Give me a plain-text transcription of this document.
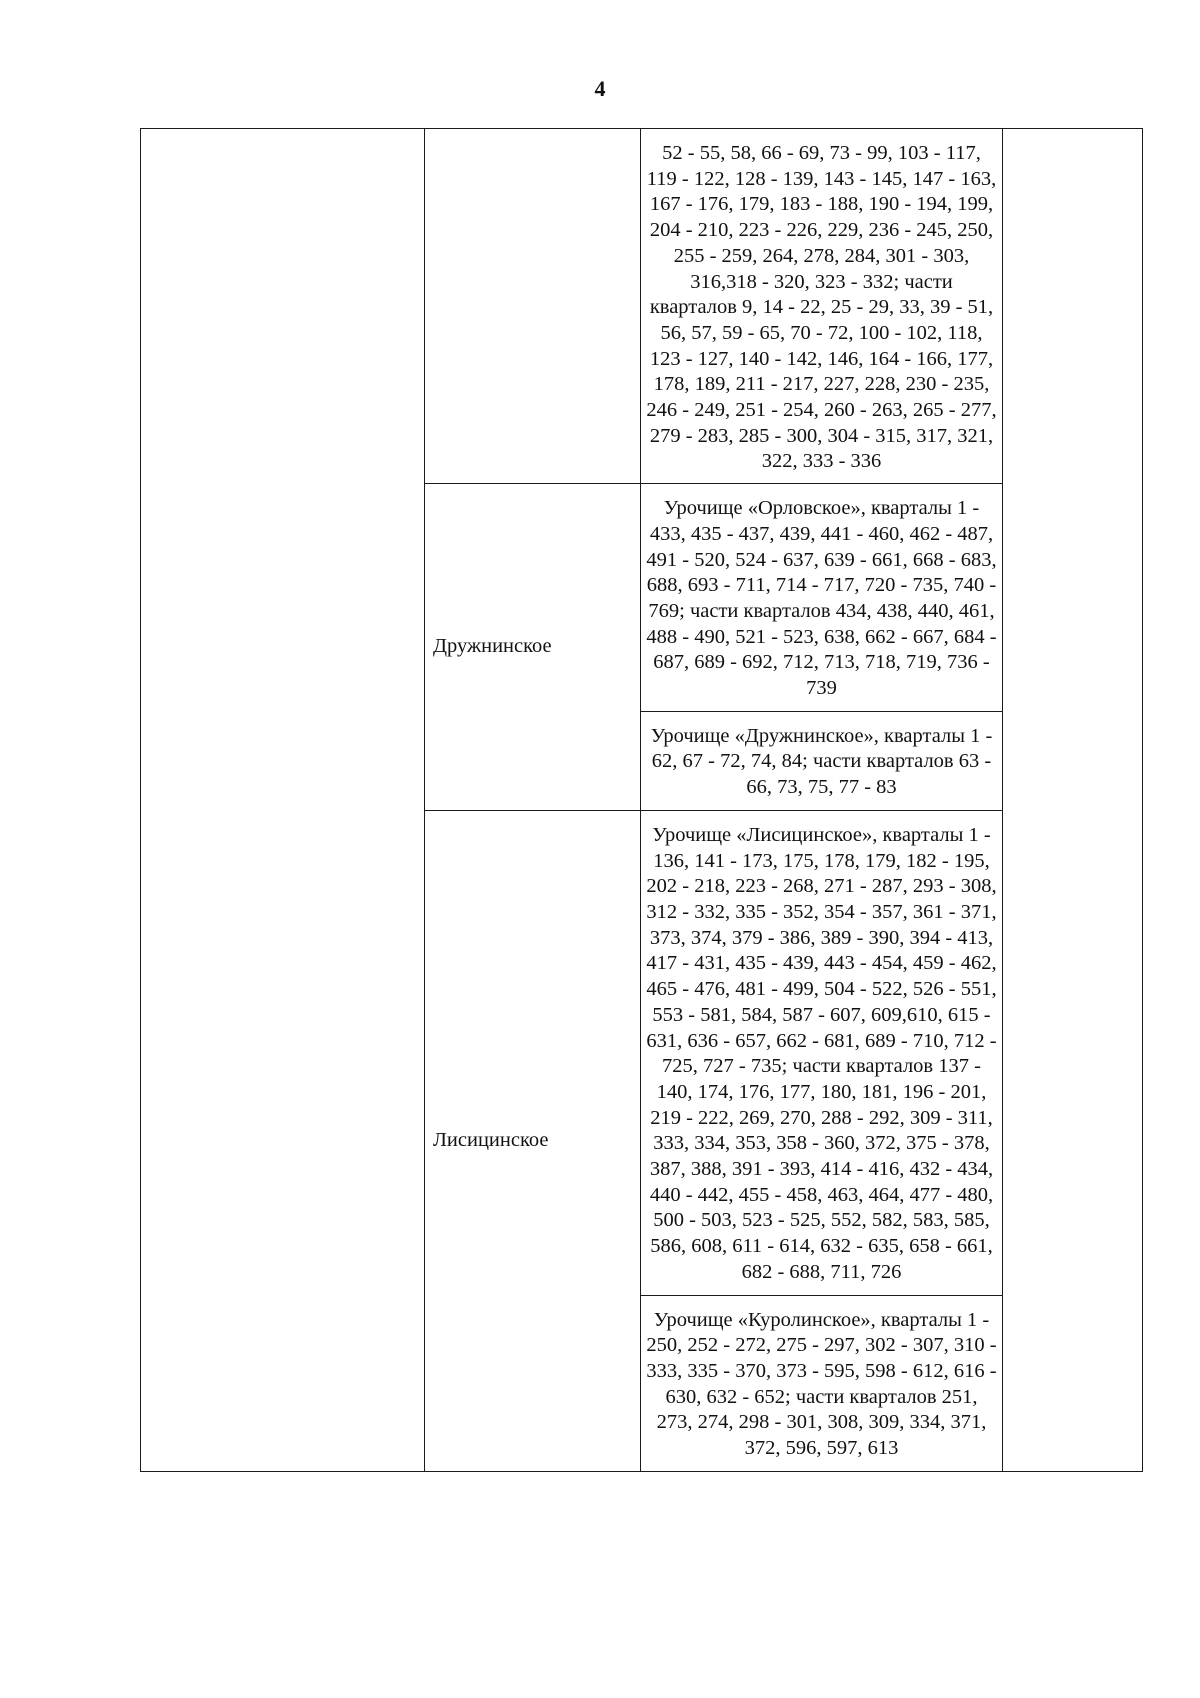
4
		52 - 55, 58, 66 - 69, 73 - 99, 103 - 117, 119 - 122, 128 - 139, 143 - 145, 147 - 163, 167 - 176, 179, 183 - 188, 190 - 194, 199, 204 - 210, 223 - 226, 229, 236 - 245, 250, 255 - 259, 264, 278, 284, 301 - 303, 316,318 - 320, 323 - 332; части кварталов 9, 14 - 22, 25 - 29, 33, 39 - 51, 56, 57, 59 - 65, 70 - 72, 100 - 102, 118, 123 - 127, 140 - 142, 146, 164 - 166, 177, 178, 189, 211 - 217, 227, 228, 230 - 235, 246 - 249, 251 - 254, 260 - 263, 265 - 277, 279 - 283, 285 - 300, 304 - 315, 317, 321, 322, 333 - 336	
	Дружнинское	Урочище «Орловское», кварталы 1 - 433, 435 - 437, 439, 441 - 460, 462 - 487, 491 - 520, 524 - 637, 639 - 661, 668 - 683, 688, 693 - 711, 714 - 717, 720 - 735, 740 - 769; части кварталов 434, 438, 440, 461, 488 - 490, 521 - 523, 638, 662 - 667, 684 - 687, 689 - 692, 712, 713, 718, 719, 736 - 739	
		Урочище «Дружнинское», кварталы 1 - 62, 67 - 72, 74, 84; части кварталов 63 - 66, 73, 75, 77 - 83	
	Лисицинское	Урочище «Лисицинское», кварталы 1 - 136, 141 - 173, 175, 178, 179, 182 - 195, 202 - 218, 223 - 268, 271 - 287, 293 - 308, 312 - 332, 335 - 352, 354 - 357, 361 - 371, 373, 374, 379 - 386, 389 - 390, 394 - 413, 417 - 431, 435 - 439, 443 - 454, 459 - 462, 465 - 476, 481 - 499, 504 - 522, 526 - 551, 553 - 581, 584, 587 - 607, 609,610, 615 - 631, 636 - 657, 662 - 681, 689 - 710, 712 - 725, 727 - 735; части кварталов 137 - 140, 174, 176, 177, 180, 181, 196 - 201, 219 - 222, 269, 270, 288 - 292, 309 - 311, 333, 334, 353, 358 - 360, 372, 375 - 378, 387, 388, 391 - 393, 414 - 416, 432 - 434, 440 - 442, 455 - 458, 463, 464, 477 - 480, 500 - 503, 523 - 525, 552, 582, 583, 585, 586, 608, 611 - 614, 632 - 635, 658 - 661, 682 - 688, 711, 726	
		Урочище «Куролинское», кварталы 1 - 250, 252 - 272, 275 - 297, 302 - 307, 310 - 333, 335 - 370, 373 - 595, 598 - 612, 616 - 630, 632 - 652; части кварталов 251, 273, 274, 298 - 301, 308, 309, 334, 371, 372, 596, 597, 613	
